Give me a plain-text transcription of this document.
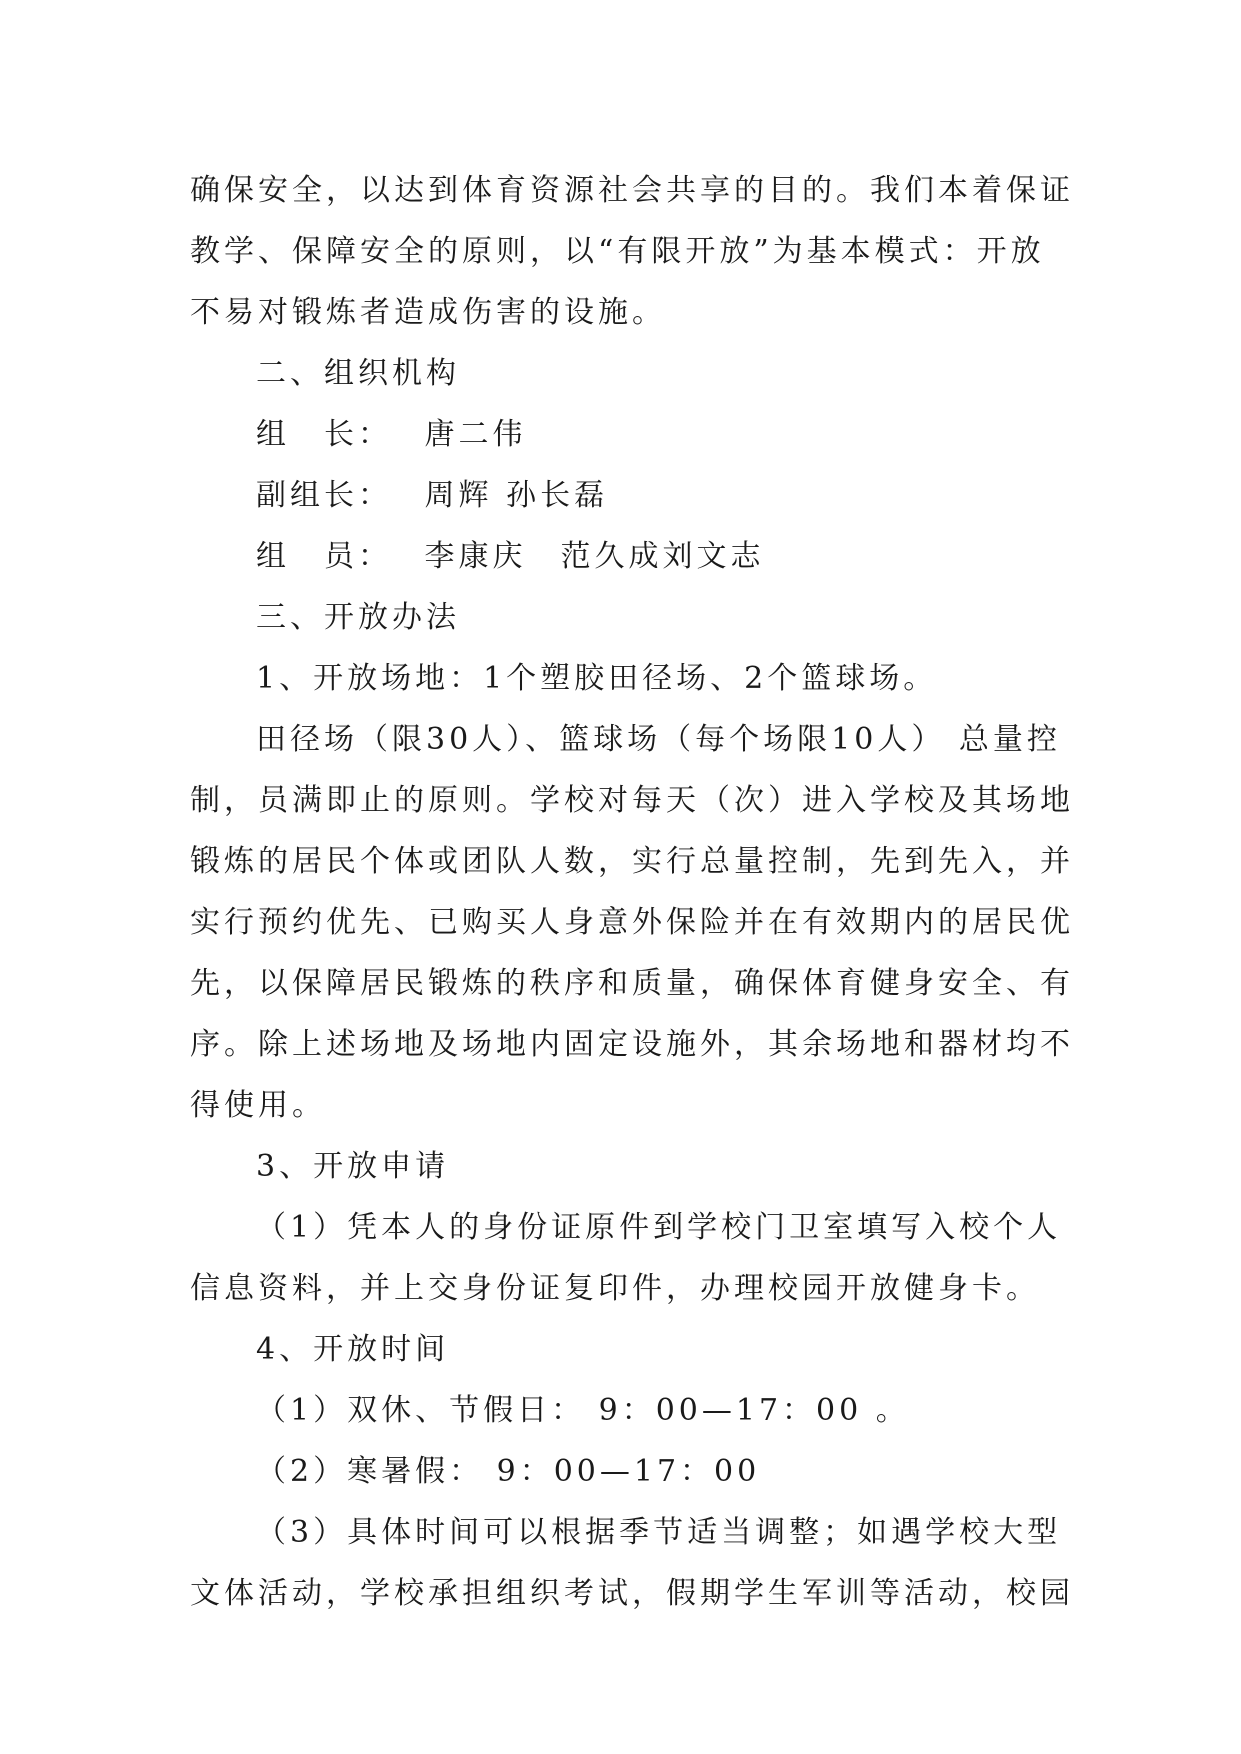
确保安全，以达到体育资源社会共享的目的。我们本着保证
教学、保障安全的原则，以“有限开放”为基本模式：开放
不易对锻炼者造成伤害的设施。
二、组织机构
组　长：　 唐二伟
副组长：　 周辉 孙长磊
组　员：　 李康庆　范久成刘文志
三、开放办法
1、开放场地：1个塑胶田径场、2个篮球场。
田径场（限30人）、篮球场（每个场限10人） 总量控
制，员满即止的原则。学校对每天（次）进入学校及其场地
锻炼的居民个体或团队人数，实行总量控制，先到先入，并
实行预约优先、已购买人身意外保险并在有效期内的居民优
先，以保障居民锻炼的秩序和质量，确保体育健身安全、有
序。除上述场地及场地内固定设施外，其余场地和器材均不
得使用。
3、开放申请
（1）凭本人的身份证原件到学校门卫室填写入校个人
信息资料，并上交身份证复印件，办理校园开放健身卡。
4、开放时间
（1）双休、节假日： 9：00—17：00 。
（2）寒暑假： 9：00—17：00
（3）具体时间可以根据季节适当调整；如遇学校大型
文体活动，学校承担组织考试，假期学生军训等活动，校园
